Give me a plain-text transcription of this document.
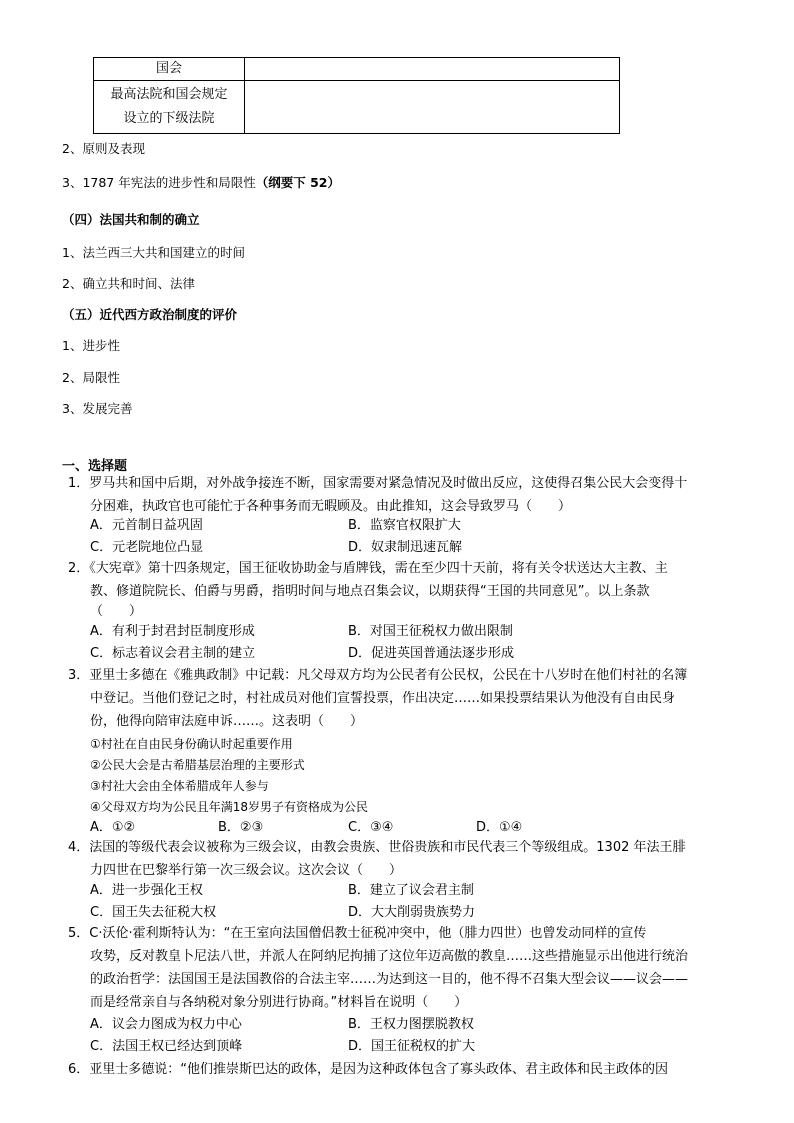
国会	

最高法院和国会规定
设立的下级法院	

2、原则及表现
3、1787 年宪法的进步性和局限性（纲要下 52）
（四）法国共和制的确立
1、法兰西三大共和国建立的时间
2、确立共和时间、法律
（五）近代西方政治制度的评价
1、进步性
2、局限性
3、发展完善
一、选择题
1．罗马共和国中后期，对外战争接连不断，国家需要对紧急情况及时做出反应，这使得召集公民大会变得十
分困难，执政官也可能忙于各种事务而无暇顾及。由此推知，这会导致罗马（　　）
A．元首制日益巩固	B．监察官权限扩大
C．元老院地位凸显	D．奴隶制迅速瓦解
2．《大宪章》第十四条规定，国王征收协助金与盾牌钱，需在至少四十天前，将有关令状送达大主教、主
教、修道院院长、伯爵与男爵，指明时间与地点召集会议，以期获得“王国的共同意见”。以上条款
（　　）
A．有利于封君封臣制度形成	B．对国王征税权力做出限制
C．标志着议会君主制的建立	D．促进英国普通法逐步形成
3．亚里士多德在《雅典政制》中记载：凡父母双方均为公民者有公民权，公民在十八岁时在他们村社的名簿
中登记。当他们登记之时，村社成员对他们宣誓投票，作出决定……如果投票结果认为他没有自由民身
份，他得向陪审法庭申诉……。这表明（　　）
①村社在自由民身份确认时起重要作用
②公民大会是古希腊基层治理的主要形式
③村社大会由全体希腊成年人参与
④父母双方均为公民且年满18岁男子有资格成为公民
A．①②	B．②③	C．③④	D．①④
4．法国的等级代表会议被称为三级会议，由教会贵族、世俗贵族和市民代表三个等级组成。1302 年法王腓
力四世在巴黎举行第一次三级会议。这次会议（　　）
A．进一步强化王权	B．建立了议会君主制
C．国王失去征税大权	D．大大削弱贵族势力
5．C·沃伦·霍利斯特认为：“在王室向法国僧侣教士征税冲突中，他（腓力四世）也曾发动同样的宣传
攻势，反对教皇卜尼法八世，并派人在阿纳尼拘捕了这位年迈高傲的教皇……这些措施显示出他进行统治
的政治哲学：法国国王是法国教俗的合法主宰……为达到这一目的，他不得不召集大型会议——议会——
而是经常亲自与各纳税对象分别进行协商。”材料旨在说明（　　）
A．议会力图成为权力中心	B．王权力图摆脱教权
C．法国王权已经达到顶峰	D．国王征税权的扩大
6．亚里士多德说：“他们推崇斯巴达的政体，是因为这种政体包含了寡头政体、君主政体和民主政体的因
